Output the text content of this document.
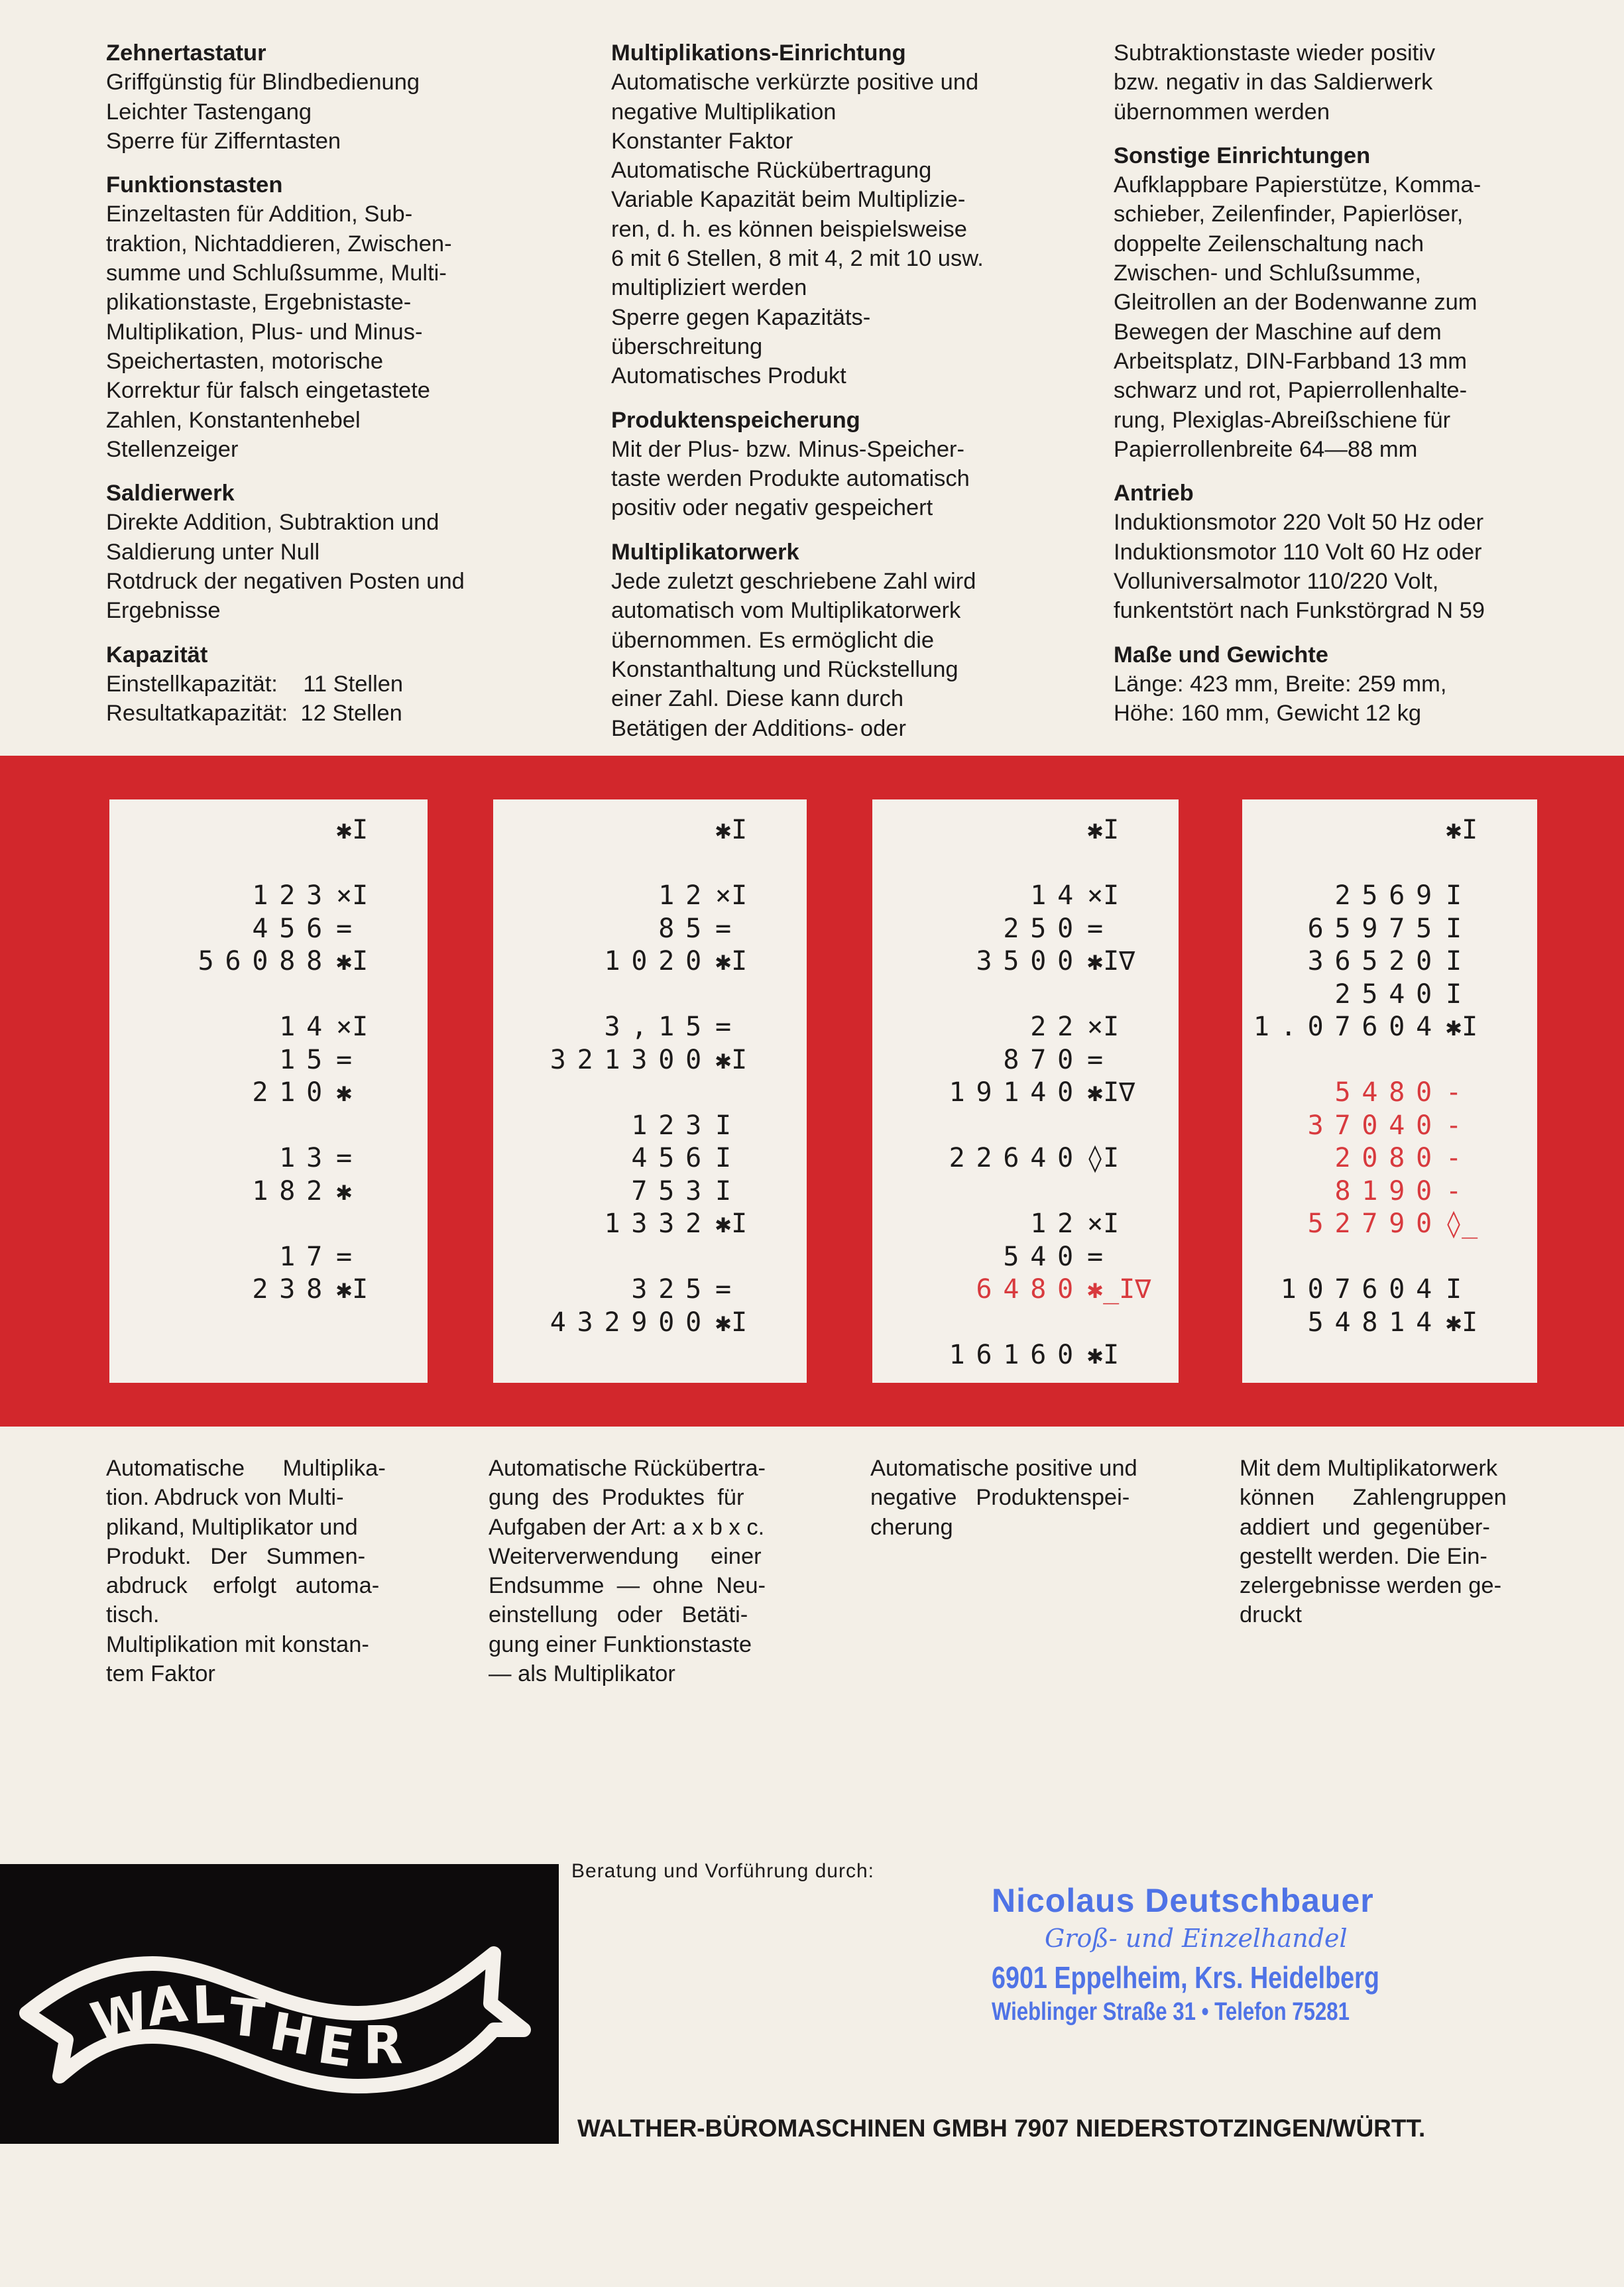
Zehnertastatur
Griffgünstig für Blindbedienung
Leichter Tastengang
Sperre für Zifferntasten
Funktionstasten
Einzeltasten für Addition, Sub-
traktion, Nichtaddieren, Zwischen-
summe und Schlußsumme, Multi-
plikationstaste, Ergebnistaste-
Multiplikation, Plus- und Minus-
Speichertasten, motorische
Korrektur für falsch eingetastete
Zahlen, Konstantenhebel
Stellenzeiger
Saldierwerk
Direkte Addition, Subtraktion und
Saldierung unter Null
Rotdruck der negativen Posten und
Ergebnisse
Kapazität
Einstellkapazität:    11 Stellen
Resultatkapazität:  12 Stellen
Multiplikations-Einrichtung
Automatische verkürzte positive und
negative Multiplikation
Konstanter Faktor
Automatische Rückübertragung
Variable Kapazität beim Multiplizie-
ren, d. h. es können beispielsweise
6 mit 6 Stellen, 8 mit 4, 2 mit 10 usw.
multipliziert werden
Sperre gegen Kapazitäts-
überschreitung
Automatisches Produkt
Produktenspeicherung
Mit der Plus- bzw. Minus-Speicher-
taste werden Produkte automatisch
positiv oder negativ gespeichert
Multiplikatorwerk
Jede zuletzt geschriebene Zahl wird
automatisch vom Multiplikatorwerk
übernommen. Es ermöglicht die
Konstanthaltung und Rückstellung
einer Zahl. Diese kann durch
Betätigen der Additions- oder
Subtraktionstaste wieder positiv
bzw. negativ in das Saldierwerk
übernommen werden
Sonstige Einrichtungen
Aufklappbare Papierstütze, Komma-
schieber, Zeilenfinder, Papierlöser,
doppelte Zeilenschaltung nach
Zwischen- und Schlußsumme,
Gleitrollen an der Bodenwanne zum
Bewegen der Maschine auf dem
Arbeitsplatz, DIN-Farbband 13 mm
schwarz und rot, Papierrollenhalte-
rung, Plexiglas-Abreißschiene für
Papierrollenbreite 64—88 mm
Antrieb
Induktionsmotor 220 Volt 50 Hz oder
Induktionsmotor 110 Volt 60 Hz oder
Volluniversalmotor 110/220 Volt,
funkentstört nach Funkstörgrad N 59
Maße und Gewichte
Länge: 423 mm, Breite: 259 mm,
Höhe: 160 mm, Gewicht 12 kg
✱I
123 ×I
456 =
56088 ✱I
14 ×I
15 =
210 ✱
13 =
182 ✱
17 =
238 ✱I
✱I
12 ×I
85 =
1020 ✱I
3,15 =
321300 ✱I
123 I
456 I
753 I
1332 ✱I
325 =
432900 ✱I
✱I
14 ×I
250 =
3500 ✱I∇
22 ×I
870 =
19140 ✱I∇
22640 ◊I
12 ×I
540 =
6480 ✱̲I∇
16160 ✱I
✱I
2569 I
65975 I
36520 I
2540 I
1.07604 ✱I
5480 -
37040 -
2080 -
8190 -
52790 ◊̲
107604 I
54814 ✱I
Automatische      Multiplika-
tion. Abdruck von Multi-
plikand, Multiplikator und
Produkt.   Der   Summen-
abdruck    erfolgt   automa-
tisch.
Multiplikation mit konstan-
tem Faktor
Automatische Rückübertra-
gung  des  Produktes  für
Aufgaben der Art: a x b x c.
Weiterverwendung     einer
Endsumme  —  ohne  Neu-
einstellung   oder   Betäti-
gung einer Funktionstaste
— als Multiplikator
Automatische positive und
negative   Produktenspei-
cherung
Mit dem Multiplikatorwerk
können      Zahlengruppen
addiert  und  gegenüber-
gestellt werden. Die Ein-
zelergebnisse werden ge-
druckt
W
A L T
H
E R
Beratung und Vorführung durch:
Nicolaus Deutschbauer
Groß- und Einzelhandel
6901 Eppelheim, Krs. Heidelberg
Wieblinger Straße 31 • Telefon 75281
WALTHER-BÜROMASCHINEN GMBH 7907 NIEDERSTOTZINGEN/WÜRTT.
